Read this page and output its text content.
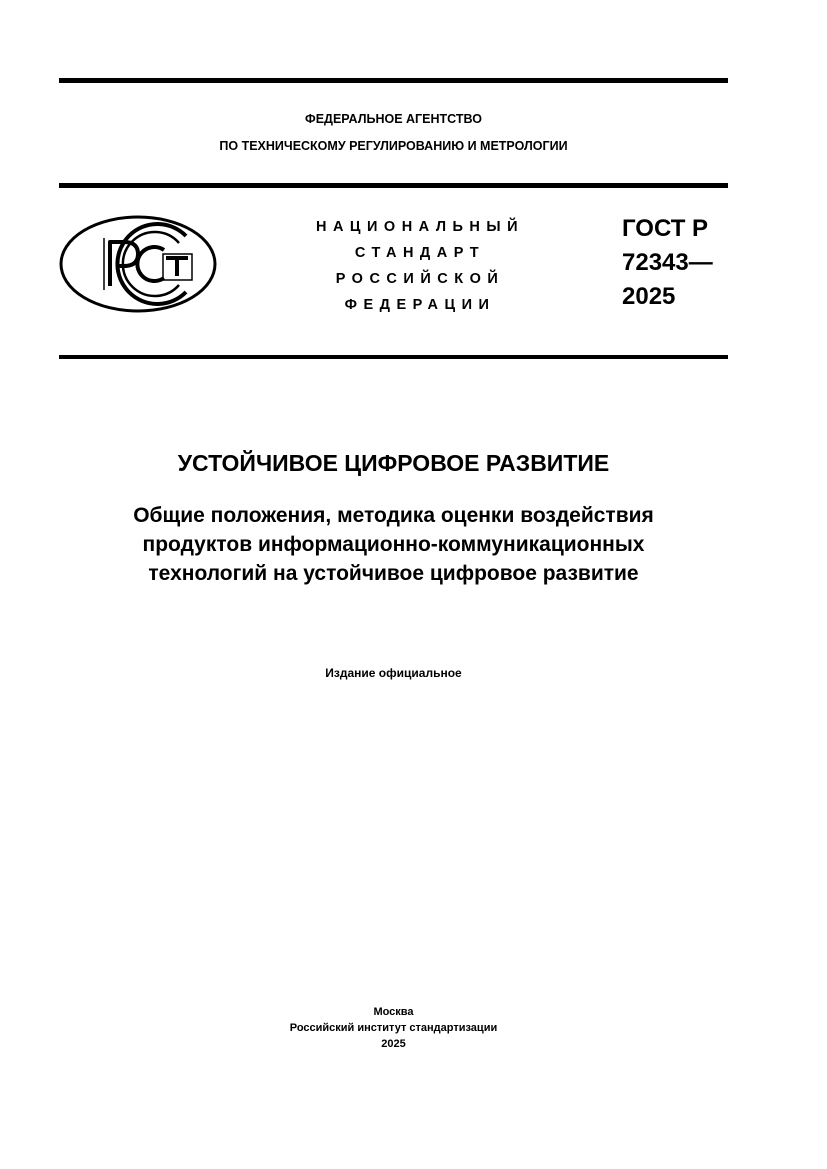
ФЕДЕРАЛЬНОЕ АГЕНТСТВО
ПО ТЕХНИЧЕСКОМУ РЕГУЛИРОВАНИЮ И МЕТРОЛОГИИ
НАЦИОНАЛЬНЫЙ
СТАНДАРТ
РОССИЙСКОЙ
ФЕДЕРАЦИИ
ГОСТ Р
72343—
2025
УСТОЙЧИВОЕ ЦИФРОВОЕ РАЗВИТИЕ
Общие положения, методика оценки воздействия
продуктов информационно-коммуникационных
технологий на устойчивое цифровое развитие
Издание официальное
Москва
Российский институт стандартизации
2025
